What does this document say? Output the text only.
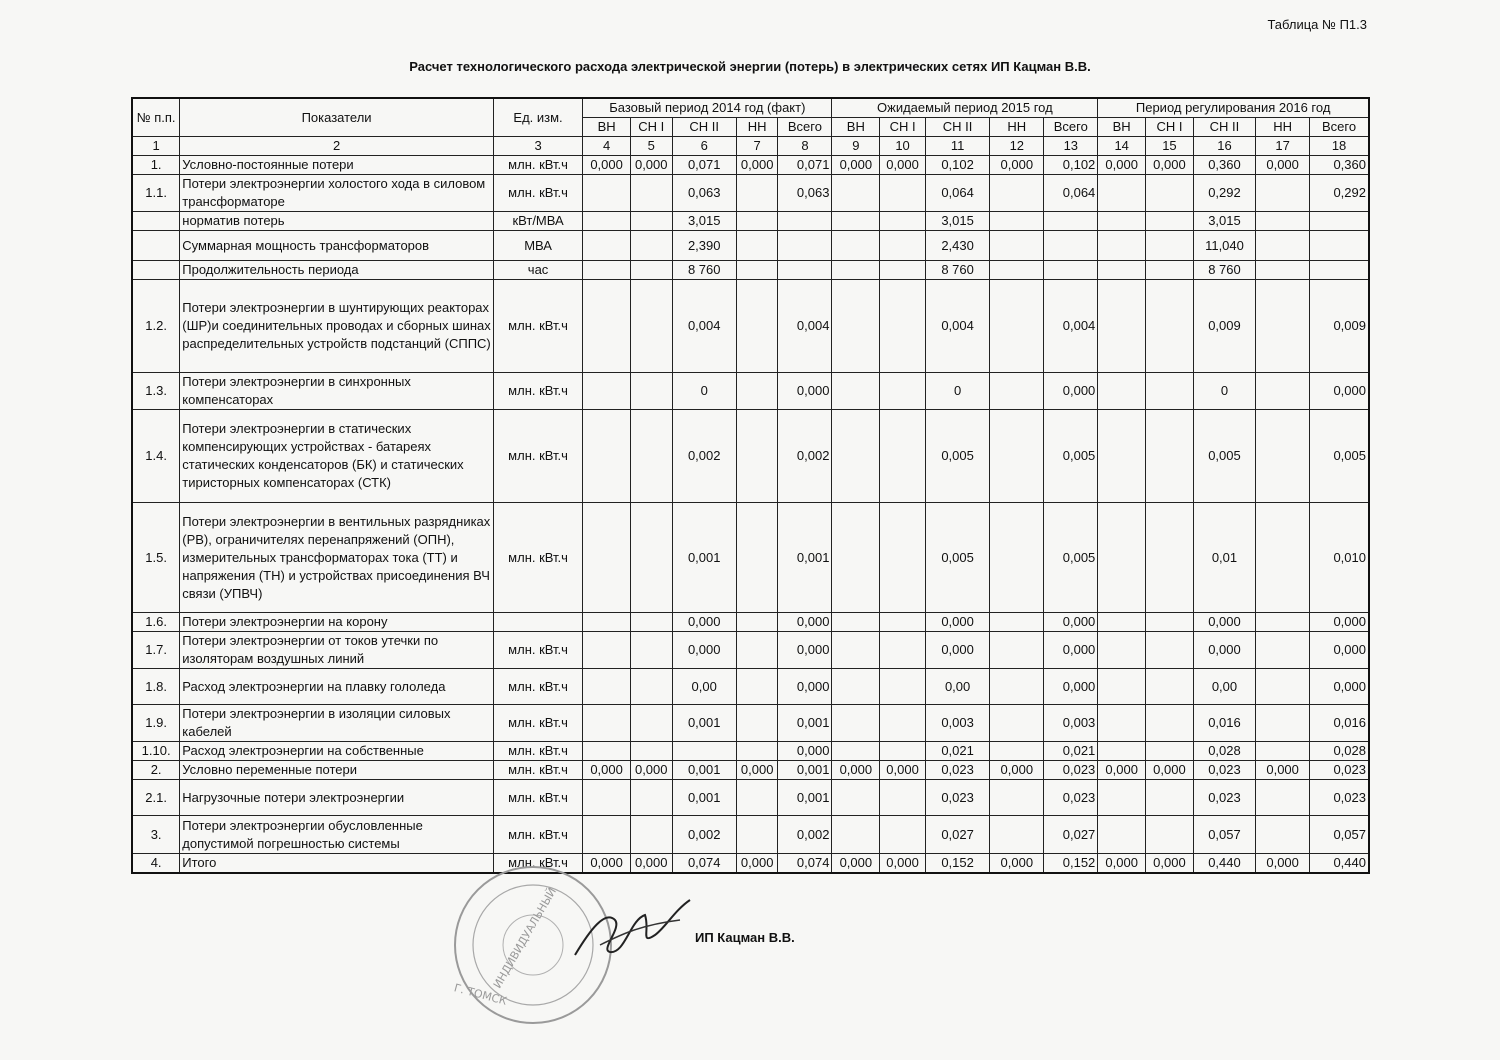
Таблица № П1.3
Расчет технологического расхода электрической энергии (потерь) в электрических сетях ИП Кацман В.В.
№ п.п.	Показатели	Ед. изм.	Базовый период 2014 год (факт)					Ожидаемый период 2015 год					Период регулирования 2016 год				
			ВН	СН I	СН II	НН	Всего	ВН	СН I	СН II	НН	Всего	ВН	СН I	СН II	НН	Всего
1	2	3	4	5	6	7	8	9	10	11	12	13	14	15	16	17	18
1.	Условно-постоянные потери	млн. кВт.ч	0,000	0,000	0,071	0,000	0,071	0,000	0,000	0,102	0,000	0,102	0,000	0,000	0,360	0,000	0,360
1.1.	Потери электроэнергии холостого хода в силовом трансформаторе	млн. кВт.ч			0,063		0,063			0,064		0,064			0,292		0,292
	норматив потерь	кВт/МВА			3,015					3,015					3,015		
	Суммарная мощность трансформаторов	МВА			2,390					2,430					11,040		
	Продолжительность периода	час			8 760					8 760					8 760		
1.2.	Потери электроэнергии в шунтирующих реакторах (ШР)и соединительных проводах и сборных шинах распределительных устройств подстанций (СППС)	млн. кВт.ч			0,004		0,004			0,004		0,004			0,009		0,009
1.3.	Потери электроэнергии в синхронных компенсаторах	млн. кВт.ч			0		0,000			0		0,000			0		0,000
1.4.	Потери электроэнергии в статических компенсирующих устройствах - батареях статических конденсаторов (БК) и статических тиристорных компенсаторах (СТК)	млн. кВт.ч			0,002		0,002			0,005		0,005			0,005		0,005
1.5.	Потери электроэнергии в вентильных разрядниках (РВ), ограничителях перенапряжений (ОПН), измерительных трансформаторах тока (ТТ) и напряжения (ТН) и устройствах присоединения ВЧ связи (УПВЧ)	млн. кВт.ч			0,001		0,001			0,005		0,005			0,01		0,010
1.6.	Потери электроэнергии на корону				0,000		0,000			0,000		0,000			0,000		0,000
1.7.	Потери электроэнергии от токов утечки по изоляторам воздушных линий	млн. кВт.ч			0,000		0,000			0,000		0,000			0,000		0,000
1.8.	Расход электроэнергии на плавку гололеда	млн. кВт.ч			0,00		0,000			0,00		0,000			0,00		0,000
1.9.	Потери электроэнергии в изоляции силовых кабелей	млн. кВт.ч			0,001		0,001			0,003		0,003			0,016		0,016
1.10.	Расход электроэнергии на собственные	млн. кВт.ч					0,000			0,021		0,021			0,028		0,028
2.	Условно переменные потери	млн. кВт.ч	0,000	0,000	0,001	0,000	0,001	0,000	0,000	0,023	0,000	0,023	0,000	0,000	0,023	0,000	0,023
2.1.	Нагрузочные потери электроэнергии	млн. кВт.ч			0,001		0,001			0,023		0,023			0,023		0,023
3.	Потери электроэнергии обусловленные допустимой погрешностью системы	млн. кВт.ч			0,002		0,002			0,027		0,027			0,057		0,057
4.	Итого	млн. кВт.ч	0,000	0,000	0,074	0,000	0,074	0,000	0,000	0,152	0,000	0,152	0,000	0,000	0,440	0,000	0,440
ИНДИВИДУАЛЬНЫЙ
Г. ТОМСК
ИП Кацман В.В.
